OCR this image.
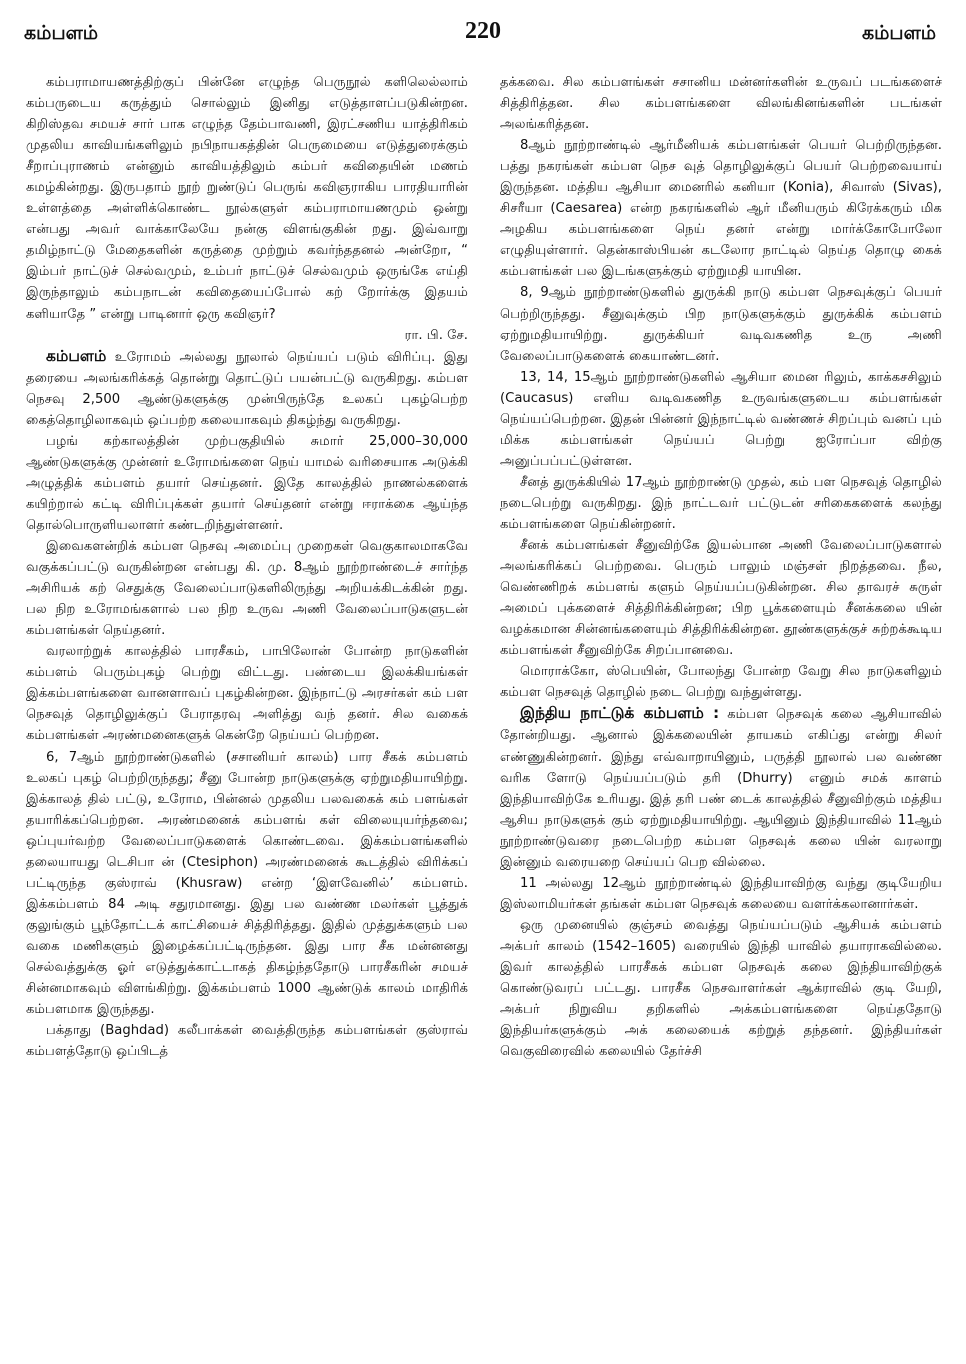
கம்பளம்	220	கம்பளம்

கம்பராமாயணத்திற்குப் பின்னே எழுந்த பெருநூல் களிலெல்லாம் கம்பருடைய கருத்தும் சொல்லும் இனிது எடுத்தாளப்படுகின்றன. கிறிஸ்தவ சமயச் சார் பாக எழுந்த தேம்பாவணி, இரட்சணிய யாத்திரிகம் முதலிய காவியங்களிலும் நபிநாயகத்தின் பெருமையை எடுத்துரைக்கும் சீறாப்புராணம் என்னும் காவியத்திலும் கம்பர் கவிதையின் மணம் கமழ்கின்றது. இருபதாம் நூற் றுண்டுப் பெருங் கவிஞராகிய பாரதியாரின் உள்ளத்தை அள்ளிக்கொண்ட நூல்களுள் கம்பராமாயணமும் ஒன்று என்பது அவர் வாக்காலேயே நன்கு விளங்குகின் றது. இவ்வாறு தமிழ்நாட்டு மேதைகளின் கருத்தை முற்றும் கவர்ந்ததனல் அன்றோ, “ இம்பர் நாட்டுச் செல்வமும், உம்பர் நாட்டுச் செல்வமும் ஒருங்கே எய்தி இருந்தாலும் கம்பநாடன் கவிதையைப்போல் கற் றோர்க்கு இதயம் களியாதே ” என்று பாடினார் ஒரு கவிஞர்?

ரா. பி. சே.

கம்பளம் உரோமம் அல்லது நூலால் நெய்யப் படும் விரிப்பு. இது தரையை அலங்கரிக்கத் தொன்று தொட்டுப் பயன்பட்டு வருகிறது. கம்பள நெசவு 2,500 ஆண்டுகளுக்கு முன்பிருந்தே உலகப் புகழ்பெற்ற கைத்தொழிலாகவும் ஒப்பற்ற கலையாகவும் திகழ்ந்து வருகிறது.

பழங் கற்காலத்தின் முற்பகுதியில் சுமார் 25,000–30,000 ஆண்டுகளுக்கு முன்னர் உரோமங்களை நெய் யாமல் வரிசையாக அடுக்கி அழுத்திக் கம்பளம் தயார் செய்தனர். இதே காலத்தில் நாணல்களைக் கயிற்றால் கட்டி விரிப்புக்கள் தயார் செய்தனர் என்று ஈராக்கை ஆய்ந்த தொல்பொருளியலாளர் கண்டறிந்துள்ளனர்.

இவைகளன்றிக் கம்பள நெசவு அமைப்பு முறைகள் வெகுகாலமாகவே வகுக்கப்பட்டு வருகின்றன என்பது கி. மு. 8ஆம் நூற்றாண்டைச் சார்ந்த அசிரியக் கற் செதுக்கு வேலைப்பாடுகளிலிருந்து அறியக்கிடக்கின் றது. பல நிற உரோமங்களால் பல நிற உருவ அணி வேலைப்பாடுகளுடன் கம்பளங்கள் நெய்தனர்.

வரலாற்றுக் காலத்தில் பாரசீகம், பாபிலோன் போன்ற நாடுகளின் கம்பளம் பெரும்புகழ் பெற்று விட்டது. பண்டைய இலக்கியங்கள் இக்கம்பளங்களை வானளாவப் புகழ்கின்றன. இந்நாட்டு அரசர்கள் கம் பள நெசவுத் தொழிலுக்குப் பேராதரவு அளித்து வந் தனர். சில வகைக் கம்பளங்கள் அரண்மனைகளுக் கென்றே நெய்யப் பெற்றன.

6, 7ஆம் நூற்றாண்டுகளில் (சசானியர் காலம்) பார சீகக் கம்பளம் உலகப் புகழ் பெற்றிருந்தது; சீனு போன்ற நாடுகளுக்கு ஏற்றுமதியாயிற்று. இக்காலத் தில் பட்டு, உரோம, பின்னல் முதலிய பலவகைக் கம் பளங்கள் தயாரிக்கப்பெற்றன. அரண்மனைக் கம்பளங் கள் விலையுயர்ந்தவை; ஒப்புயர்வற்ற வேலைப்பாடுகளைக் கொண்டவை. இக்கம்பளங்களில் தலையாயது டெசிபா ன் (Ctesiphon) அரண்மனைக் கூடத்தில் விரிக்கப் பட்டிருந்த குஸ்ராவ் (Khusraw) என்ற ‘இளவேனில்’ கம்பளம். இக்கம்பளம் 84 அடி சதுரமானது. இது பல வண்ண மலர்கள் பூத்துக் குலுங்கும் பூந்தோட்டக் காட்சியைச் சித்திரித்தது. இதில் முத்துக்களும் பல வகை மணிகளும் இழைக்கப்பட்டிருந்தன. இது பார சீக மன்னனது செல்வத்துக்கு ஓர் எடுத்துக்காட்டாகத் திகழ்ந்ததோடு பாரசீகரின் சமயச் சின்னமாகவும் விளங்கிற்று. இக்கம்பளம் 1000 ஆண்டுக் காலம் மாதிரிக் கம்பளமாக இருந்தது.

பக்தாது (Baghdad) கலீபாக்கள் வைத்திருந்த கம்பளங்கள் குஸ்ராவ் கம்பளத்தோடு ஒப்பிடத்

தக்கவை. சில கம்பளங்கள் சசானிய மன்னர்களின் உருவப் படங்களைச் சித்திரித்தன. சில கம்பளங்களை விலங்கினங்களின் படங்கள் அலங்கரித்தன.

8ஆம் நூற்றாண்டில் ஆர்மீனியக் கம்பளங்கள் பெயர் பெற்றிருந்தன. பத்து நகரங்கள் கம்பள நெச வுத் தொழிலுக்குப் பெயர் பெற்றவையாய் இருந்தன. மத்திய ஆசியா மைனரில் கனியா (Konia), சிவாஸ் (Sivas), சிசரீயா (Caesarea) என்ற நகரங்களில் ஆர் மீனியரும் கிரேக்கரும் மிக அழகிய கம்பளங்களை நெய் தனர் என்று மார்க்கோபோலோ எழுதியுள்ளார். தென்காஸ்பியன் கடலோர நாட்டில் நெய்த தொழு கைக் கம்பளங்கள் பல இடங்களுக்கும் ஏற்றுமதி யாயின.

8, 9ஆம் நூற்றாண்டுகளில் துருக்கி நாடு கம்பள நெசவுக்குப் பெயர் பெற்றிருந்தது. சீனுவுக்கும் பிற நாடுகளுக்கும் துருக்கிக் கம்பளம் ஏற்றுமதியாயிற்று. துருக்கியர் வடிவகணித உரு அணி வேலைப்பாடுகளைக் கையாண்டனர்.

13, 14, 15ஆம் நூற்றாண்டுகளில் ஆசியா மைன ரிலும், காக்கசசிலும் (Caucasus) எளிய வடிவகணித உருவங்களுடைய கம்பளங்கள் நெய்யப்பெற்றன. இதன் பின்னர் இந்நாட்டில் வண்ணச் சிறப்பும் வனப் பும் மிக்க கம்பளங்கள் நெய்யப் பெற்று ஐரோப்பா விற்கு அனுப்பப்பட்டுள்ளன.

சீனத் துருக்கியில் 17ஆம் நூற்றாண்டு முதல், கம் பள நெசவுத் தொழில் நடைபெற்று வருகிறது. இந் நாட்டவர் பட்டுடன் சரிகைகளைக் கலந்து கம்பளங்களை நெய்கின்றனர்.

சீனக் கம்பளங்கள் சீனுவிற்கே இயல்பான அணி வேலைப்பாடுகளால் அலங்கரிக்கப் பெற்றவை. பெரும் பாலும் மஞ்சள் நிறத்தவை. நீல, வெண்ணிறக் கம்பளங் களும் நெய்யப்படுகின்றன. சில தாவரச் சுருள் அமைப் புக்களைச் சித்திரிக்கின்றன; பிற பூக்களையும் சீனக்கலை யின் வழக்கமான சின்னங்களையும் சித்திரிக்கின்றன. தூண்களுக்குச் சுற்றக்கூடிய கம்பளங்கள் சீனுவிற்கே சிறப்பானவை.

மொராக்கோ, ஸ்பெயின், போலந்து போன்ற வேறு சில நாடுகளிலும் கம்பள நெசவுத் தொழில் நடை பெற்று வந்துள்ளது.

இந்திய நாட்டுக் கம்பளம் : கம்பள நெசவுக் கலை ஆசியாவில் தோன்றியது. ஆனால் இக்கலையின் தாயகம் எகிப்து என்று சிலர் எண்ணுகின்றனர். இந்து எவ்வாறாயினும், பருத்தி நூலால் பல வண்ண வரிக ளோடு நெய்யப்படும் தரி (Dhurry) எனும் சமக் காளம் இந்தியாவிற்கே உரியது. இத் தரி பண் டைக் காலத்தில் சீனுவிற்கும் மத்திய ஆசிய நாடுகளுக் கும் ஏற்றுமதியாயிற்று. ஆயினும் இந்தியாவில் 11ஆம் நூற்றாண்டுவரை நடைபெற்ற கம்பள நெசவுக் கலை யின் வரலாறு இன்னும் வரையறை செய்யப் பெற வில்லை.

11 அல்லது 12ஆம் நூற்றாண்டில் இந்தியாவிற்கு வந்து குடியேறிய இஸ்லாமியர்கள் தங்கள் கம்பள நெசவுக் கலையை வளர்க்கலானார்கள்.

ஒரு முனையில் குஞ்சம் வைத்து நெய்யப்படும் ஆசியக் கம்பளம் அக்பர் காலம் (1542–1605) வரையில் இந்தி யாவில் தயாராகவில்லை. இவர் காலத்தில் பாரசீகக் கம்பள நெசவுக் கலை இந்தியாவிற்குக் கொண்டுவரப் பட்டது. பாரசீக நெசவாளர்கள் ஆக்ராவில் குடி யேறி, அக்பர் நிறுவிய தறிகளில் அக்கம்பளங்களை நெய்ததோடு இந்தியர்களுக்கும் அக் கலையைக் கற்றுத் தந்தனர். இந்தியர்கள் வெகுவிரைவில் கலையில் தேர்ச்சி
